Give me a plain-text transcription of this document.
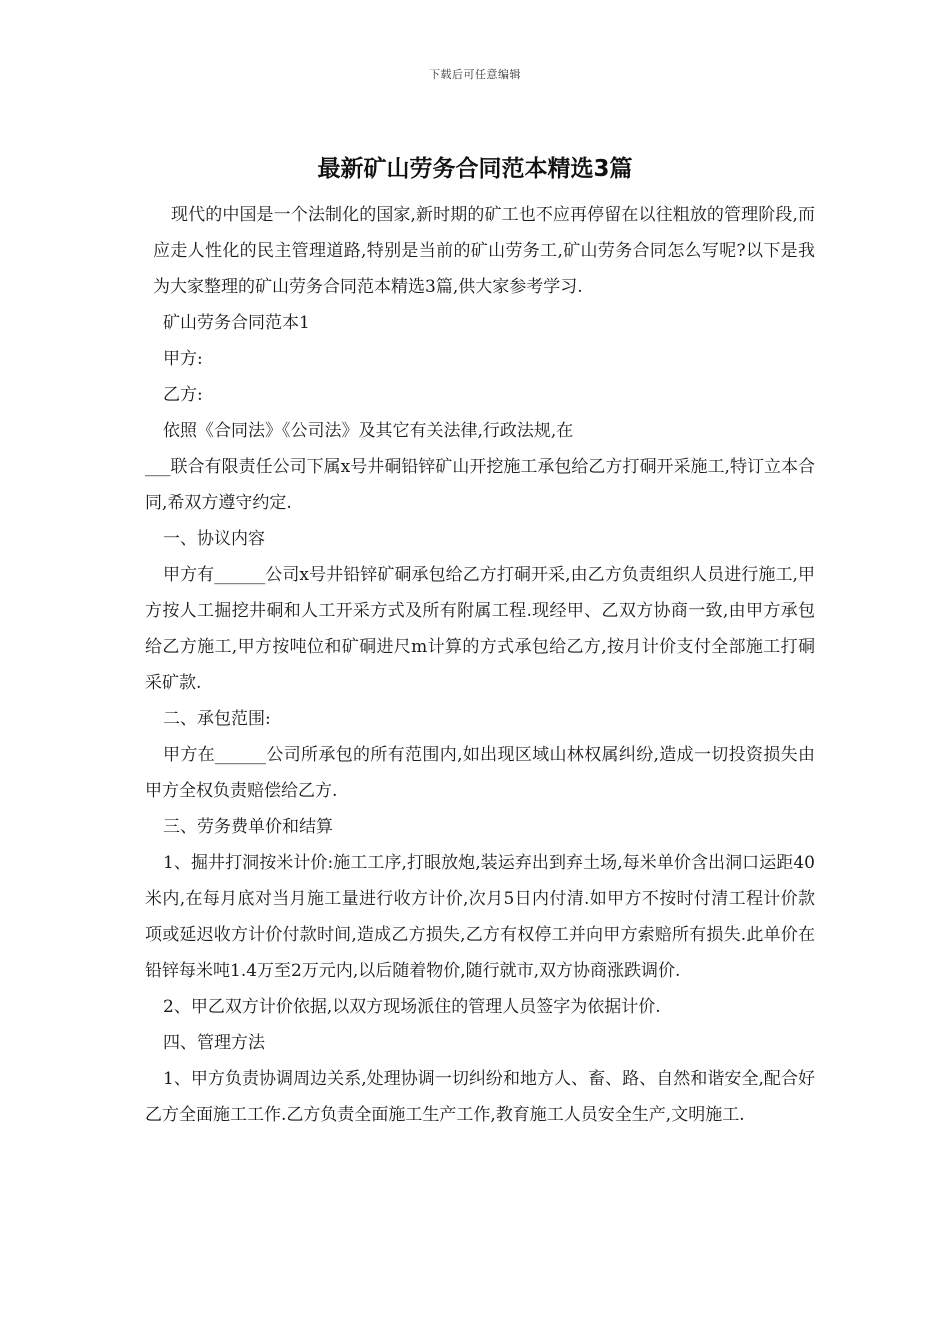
下载后可任意编辑
最新矿山劳务合同范本精选3篇

现代的中国是一个法制化的国家,新时期的矿工也不应再停留在以往粗放的管理阶段,而应走人性化的民主管理道路,特别是当前的矿山劳务工,矿山劳务合同怎么写呢?以下是我为大家整理的矿山劳务合同范本精选3篇,供大家参考学习.

矿山劳务合同范本1

甲方:

乙方:

依照《合同法》《公司法》及其它有关法律,行政法规,在

___联合有限责任公司下属x号井硐铅锌矿山开挖施工承包给乙方打硐开采施工,特订立本合同,希双方遵守约定.

一、协议内容

甲方有______公司x号井铅锌矿硐承包给乙方打硐开采,由乙方负责组织人员进行施工,甲方按人工掘挖井硐和人工开采方式及所有附属工程.现经甲、乙双方协商一致,由甲方承包给乙方施工,甲方按吨位和矿硐进尺m计算的方式承包给乙方,按月计价支付全部施工打硐采矿款.

二、承包范围:

甲方在______公司所承包的所有范围内,如出现区域山林权属纠纷,造成一切投资损失由甲方全权负责赔偿给乙方.

三、劳务费单价和结算

1、掘井打洞按米计价:施工工序,打眼放炮,装运弃出到弃土场,每米单价含出洞口运距40米内,在每月底对当月施工量进行收方计价,次月5日内付清.如甲方不按时付清工程计价款项或延迟收方计价付款时间,造成乙方损失,乙方有权停工并向甲方索赔所有损失.此单价在铅锌每米吨1.4万至2万元内,以后随着物价,随行就市,双方协商涨跌调价.

2、甲乙双方计价依据,以双方现场派住的管理人员签字为依据计价.

四、管理方法

1、甲方负责协调周边关系,处理协调一切纠纷和地方人、畜、路、自然和谐安全,配合好乙方全面施工工作.乙方负责全面施工生产工作,教育施工人员安全生产,文明施工.
